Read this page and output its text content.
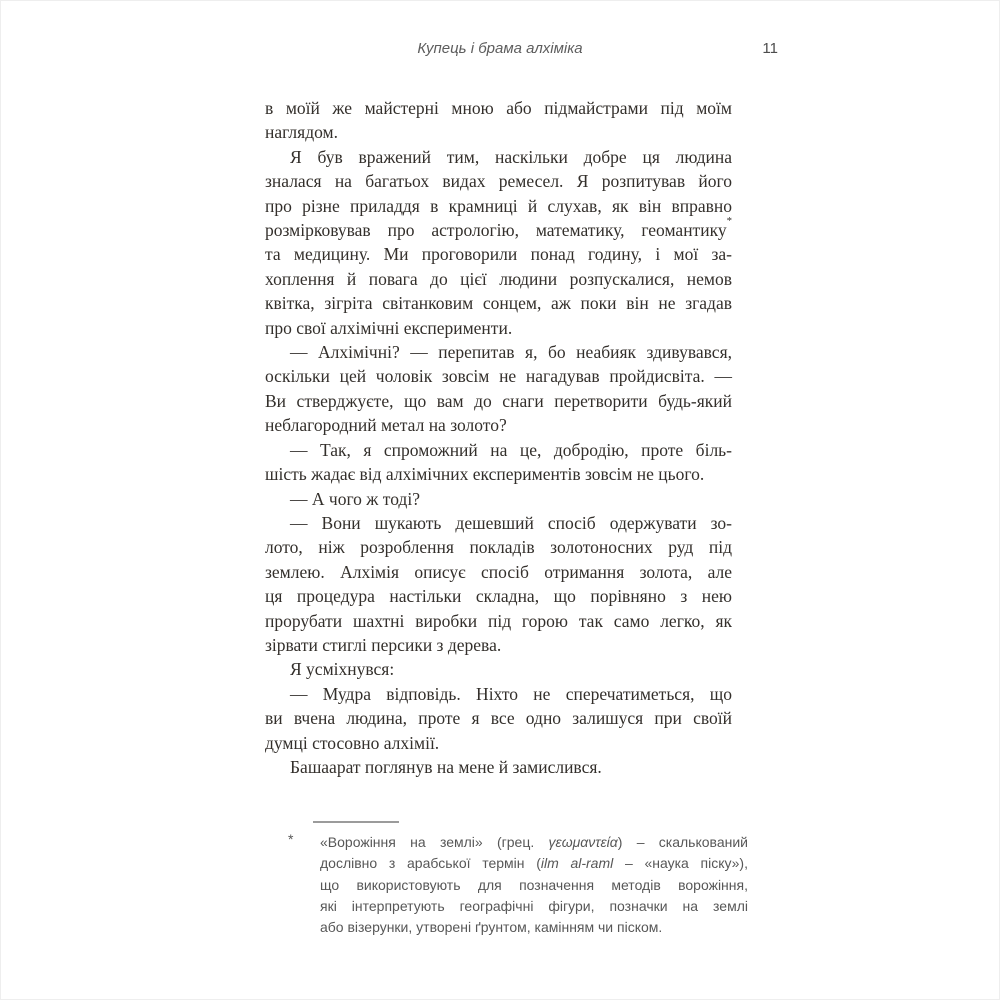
Купець і брама алхіміка	11
в моїй же майстерні мною або підмайстрами під моїм
наглядом.
Я був вражений тим, наскільки добре ця людина
зналася на багатьох видах ремесел. Я розпитував його
про різне приладдя в крамниці й слухав, як він вправно
розмірковував про астрологію, математику, геомантику*
та медицину. Ми проговорили понад годину, і мої за-
хоплення й повага до цієї людини розпускалися, немов
квітка, зігріта світанковим сонцем, аж поки він не згадав
про свої алхімічні експерименти.
— Алхімічні? — перепитав я, бо неабияк здивувався,
оскільки цей чоловік зовсім не нагадував пройдисвіта. —
Ви стверджуєте, що вам до снаги перетворити будь-який
неблагородний метал на золото?
— Так, я спроможний на це, добродію, проте біль-
шість жадає від алхімічних експериментів зовсім не цього.
— А чого ж тоді?
— Вони шукають дешевший спосіб одержувати зо-
лото, ніж розроблення покладів золотоносних руд під
землею. Алхімія описує спосіб отримання золота, але
ця процедура настільки складна, що порівняно з нею
прорубати шахтні виробки під горою так само легко, як
зірвати стиглі персики з дерева.
Я усміхнувся:
— Мудра відповідь. Ніхто не сперечатиметься, що
ви вчена людина, проте я все одно залишуся при своїй
думці стосовно алхімії.
Башаарат поглянув на мене й замислився.
* «Ворожіння на землі» (грец. γεωμαντεία) – скалькований
дослівно з арабської термін (ilm al-raml – «наука піску»),
що використовують для позначення методів ворожіння,
які інтерпретують географічні фігури, позначки на землі
або візерунки, утворені ґрунтом, камінням чи піском.
